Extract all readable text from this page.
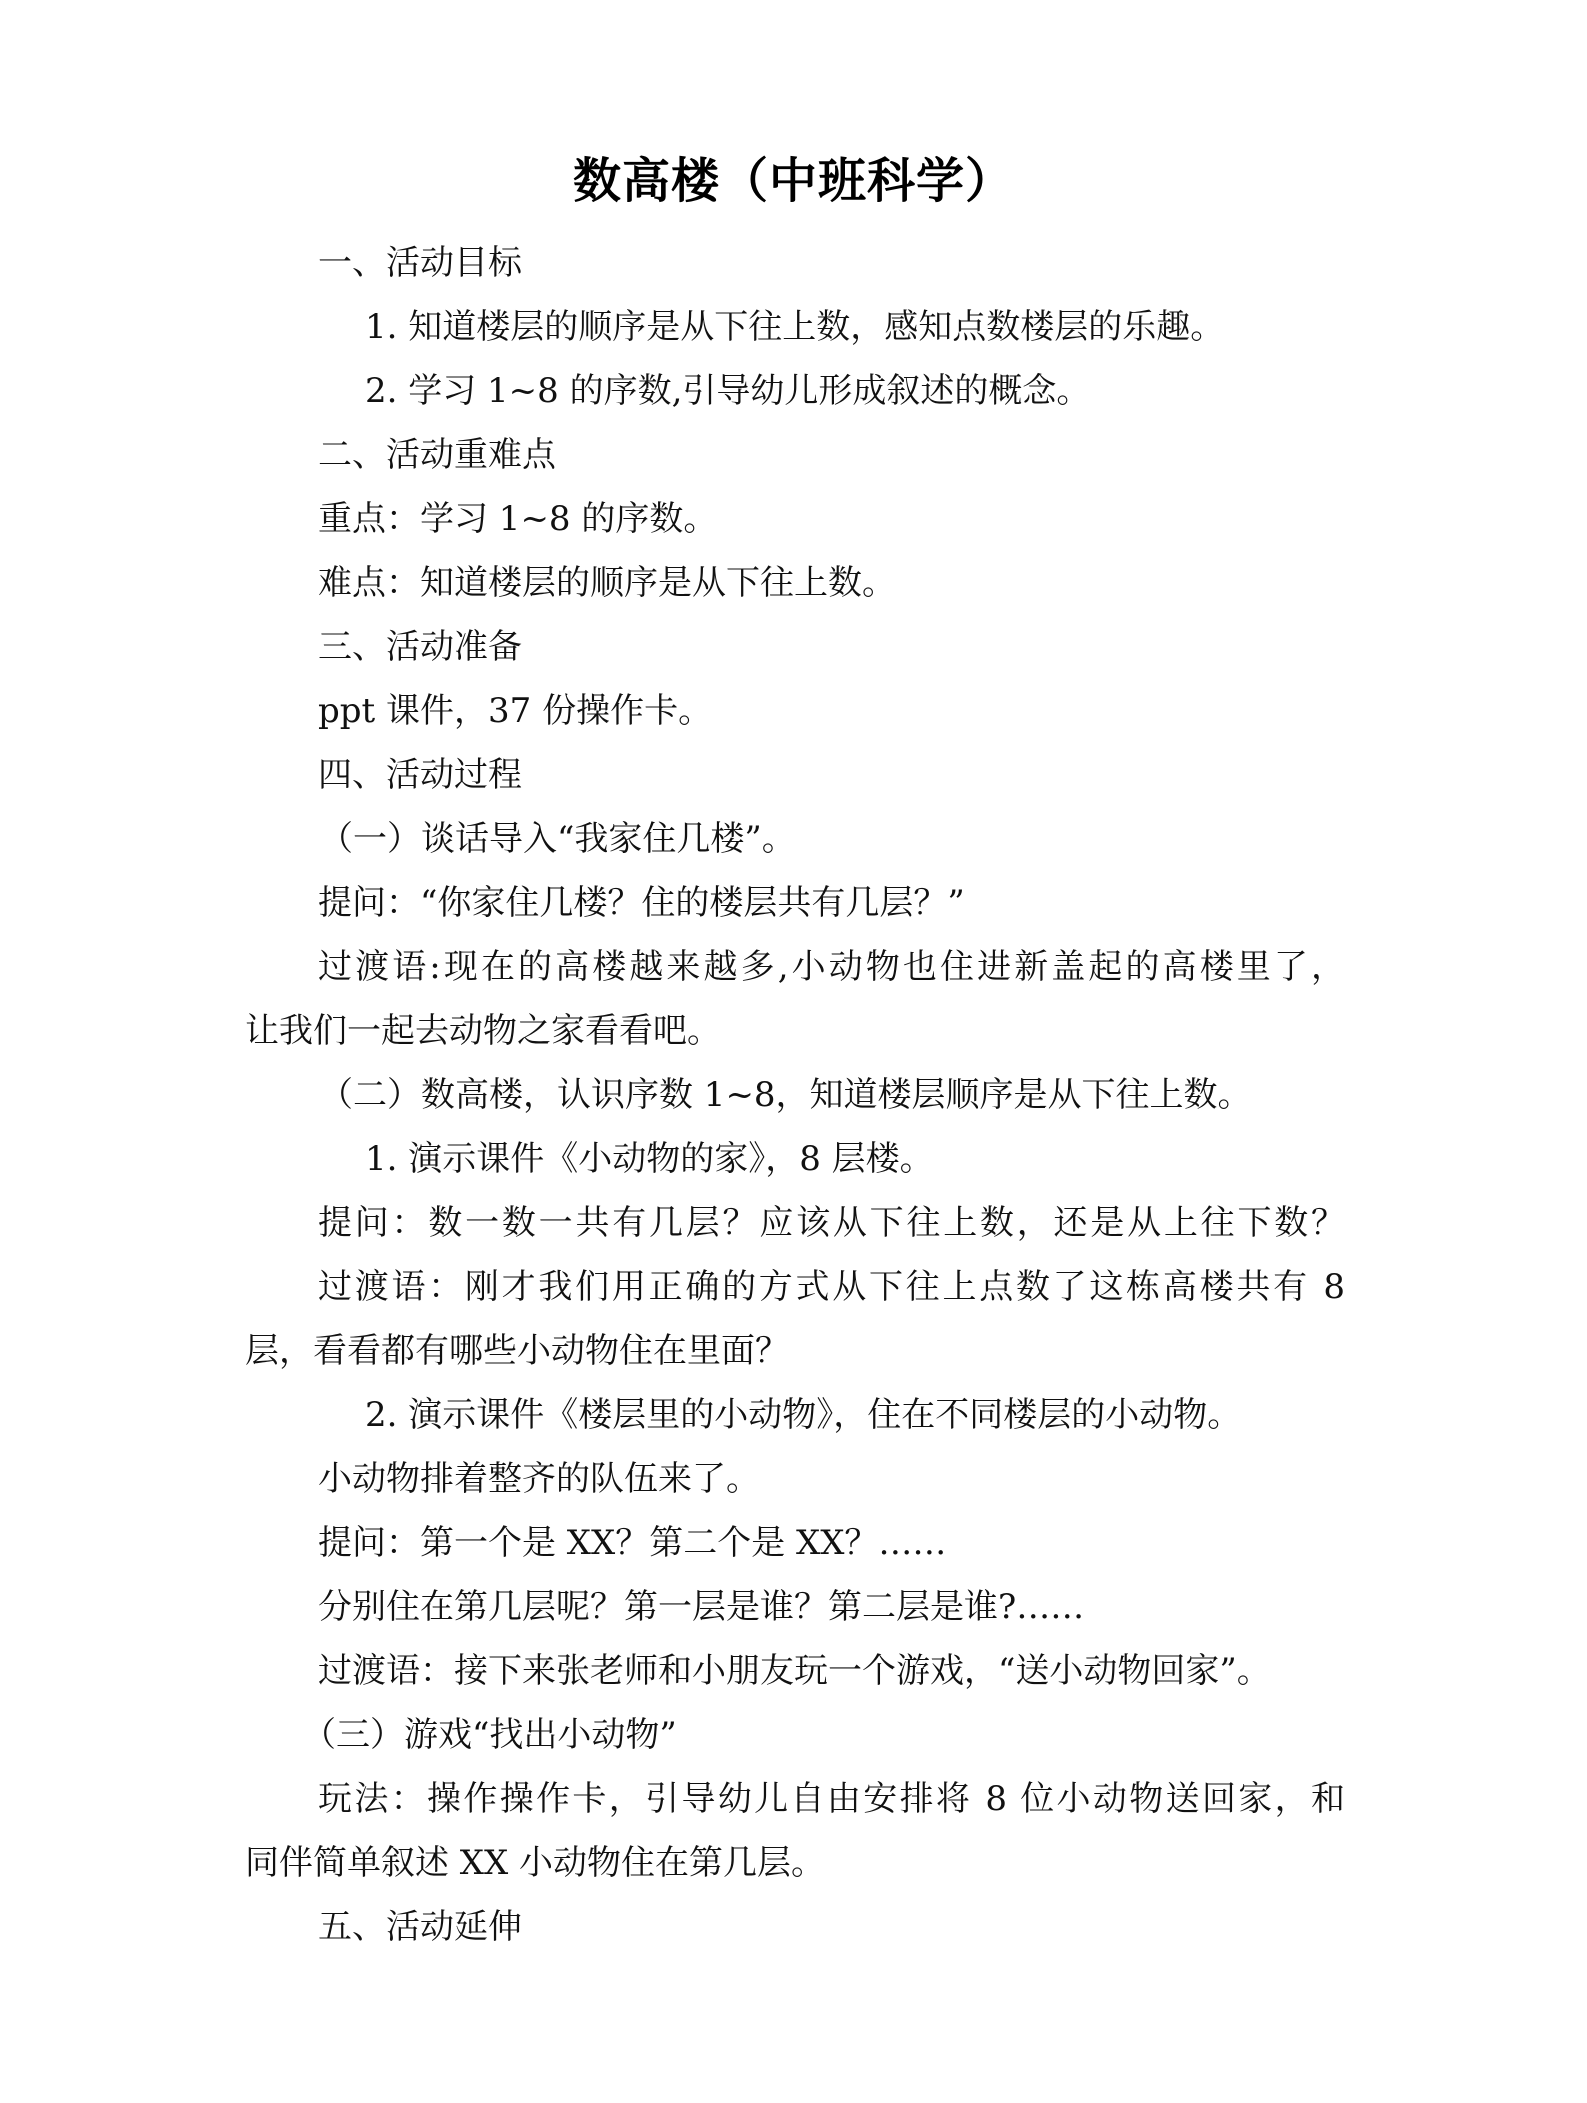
数高楼（中班科学）
一、活动目标
1. 知道楼层的顺序是从下往上数，感知点数楼层的乐趣。
2. 学习 1~8 的序数,引导幼儿形成叙述的概念。
二、活动重难点
重点：学习 1~8 的序数。
难点：知道楼层的顺序是从下往上数。
三、活动准备
ppt 课件，37 份操作卡。
四、活动过程
（一）谈话导入“我家住几楼”。
提问：“你家住几楼？住的楼层共有几层？”
过渡语:现在的高楼越来越多,小动物也住进新盖起的高楼里了，
让我们一起去动物之家看看吧。
（二）数高楼，认识序数 1~8，知道楼层顺序是从下往上数。
1. 演示课件《小动物的家》，8 层楼。
提问：数一数一共有几层？应该从下往上数，还是从上往下数？
过渡语：刚才我们用正确的方式从下往上点数了这栋高楼共有 8
层，看看都有哪些小动物住在里面？
2. 演示课件《楼层里的小动物》，住在不同楼层的小动物。
小动物排着整齐的队伍来了。
提问：第一个是 XX？第二个是 XX？……
分别住在第几层呢？第一层是谁？第二层是谁?……
过渡语：接下来张老师和小朋友玩一个游戏，“送小动物回家”。
（三）游戏“找出小动物”
玩法：操作操作卡，引导幼儿自由安排将 8 位小动物送回家，和
同伴简单叙述 XX 小动物住在第几层。
五、活动延伸
